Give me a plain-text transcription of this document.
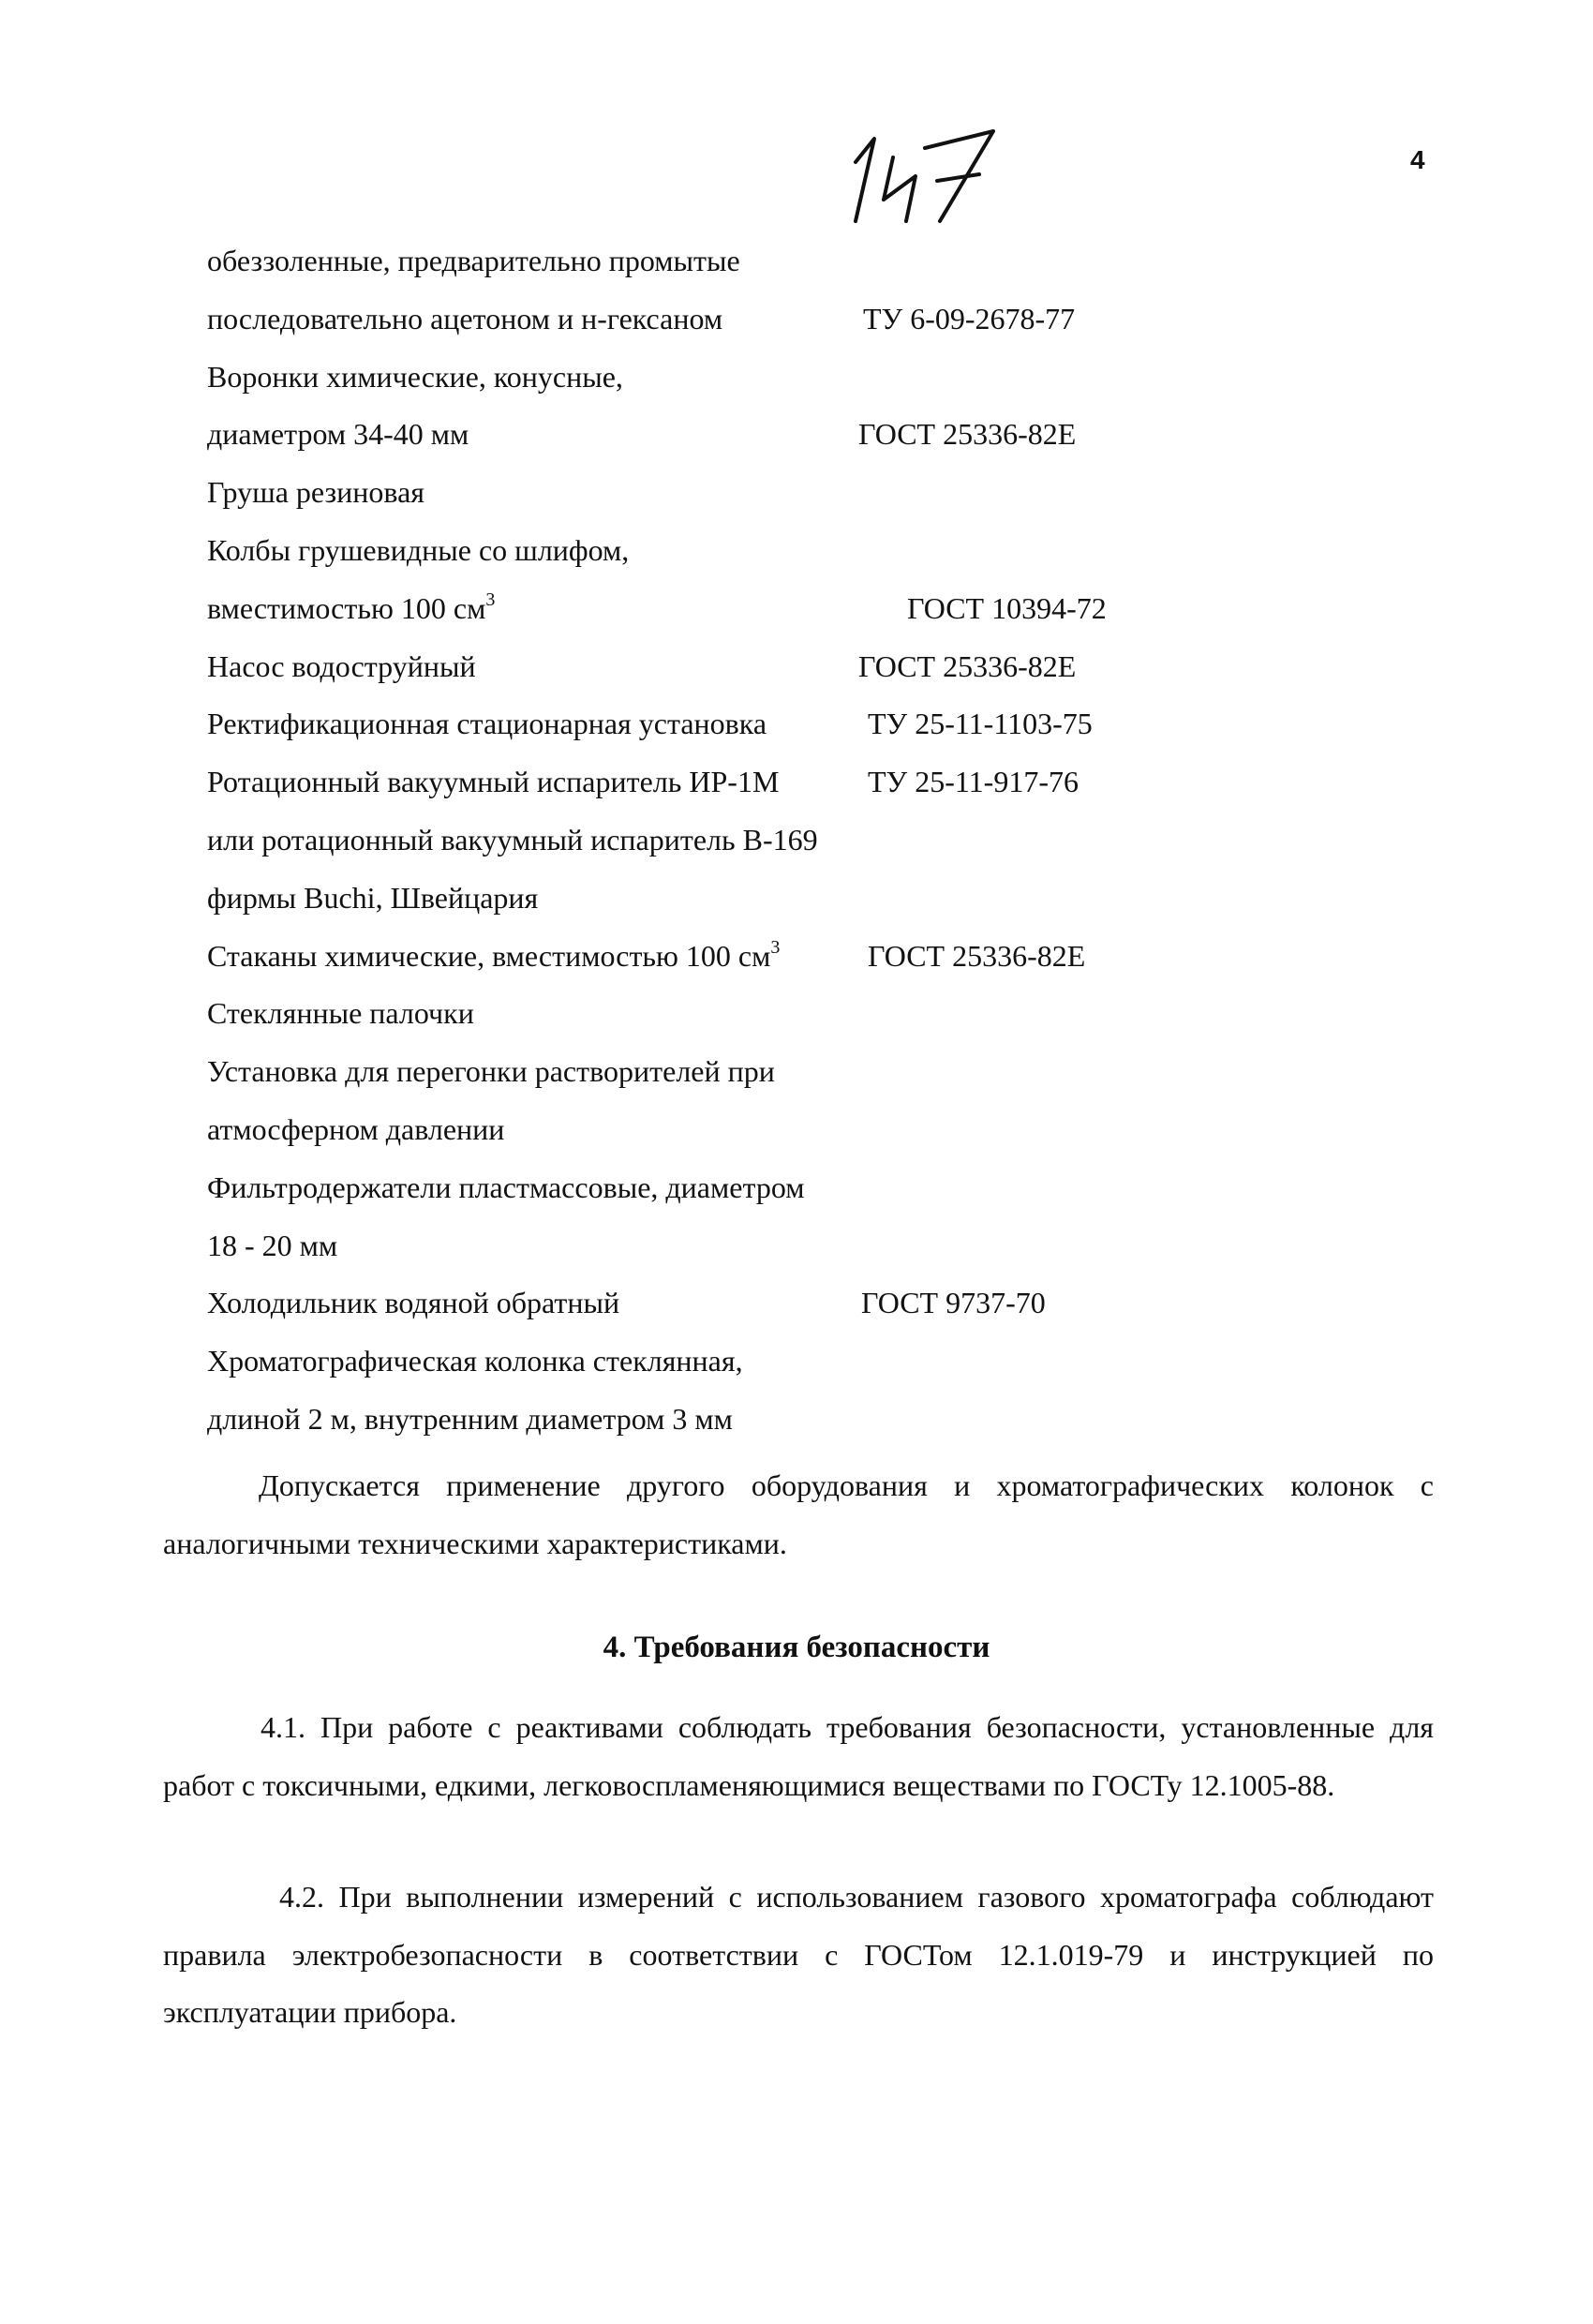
4
обеззоленные, предварительно промытые
последовательно ацетоном и н-гексаном	ТУ 6-09-2678-77
Воронки химические, конусные,
диаметром 34-40 мм	ГОСТ 25336-82Е
Груша резиновая
Колбы грушевидные со шлифом,
вместимостью 100 $см^3$	ГОСТ 10394-72
Насос водоструйный	ГОСТ 25336-82Е
Ректификационная стационарная установка	ТУ 25-11-1103-75
Ротационный вакуумный испаритель ИР-1М	ТУ 25-11-917-76
или ротационный вакуумный испаритель В-169
фирмы Buchi, Швейцария
Стаканы химические, вместимостью 100 $см^3$	ГОСТ 25336-82Е
Стеклянные палочки
Установка для перегонки растворителей при
атмосферном давлении
Фильтродержатели пластмассовые, диаметром
18 - 20 мм
Холодильник водяной обратный	ГОСТ 9737-70
Хроматографическая колонка стеклянная,
длиной 2 м, внутренним диаметром 3 мм
Допускается применение другого оборудования и хроматографических колонок с аналогичными техническими характеристиками.
4. Требования безопасности
4.1. При работе с реактивами соблюдать требования безопасности, установленные для работ с токсичными, едкими, легковоспламеняющимися веществами по ГОСТу 12.1005-88.
4.2. При выполнении измерений с использованием газового хроматографа соблюдают правила электробезопасности в соответствии с ГОСТом 12.1.019-79 и инструкцией по эксплуатации прибора.
